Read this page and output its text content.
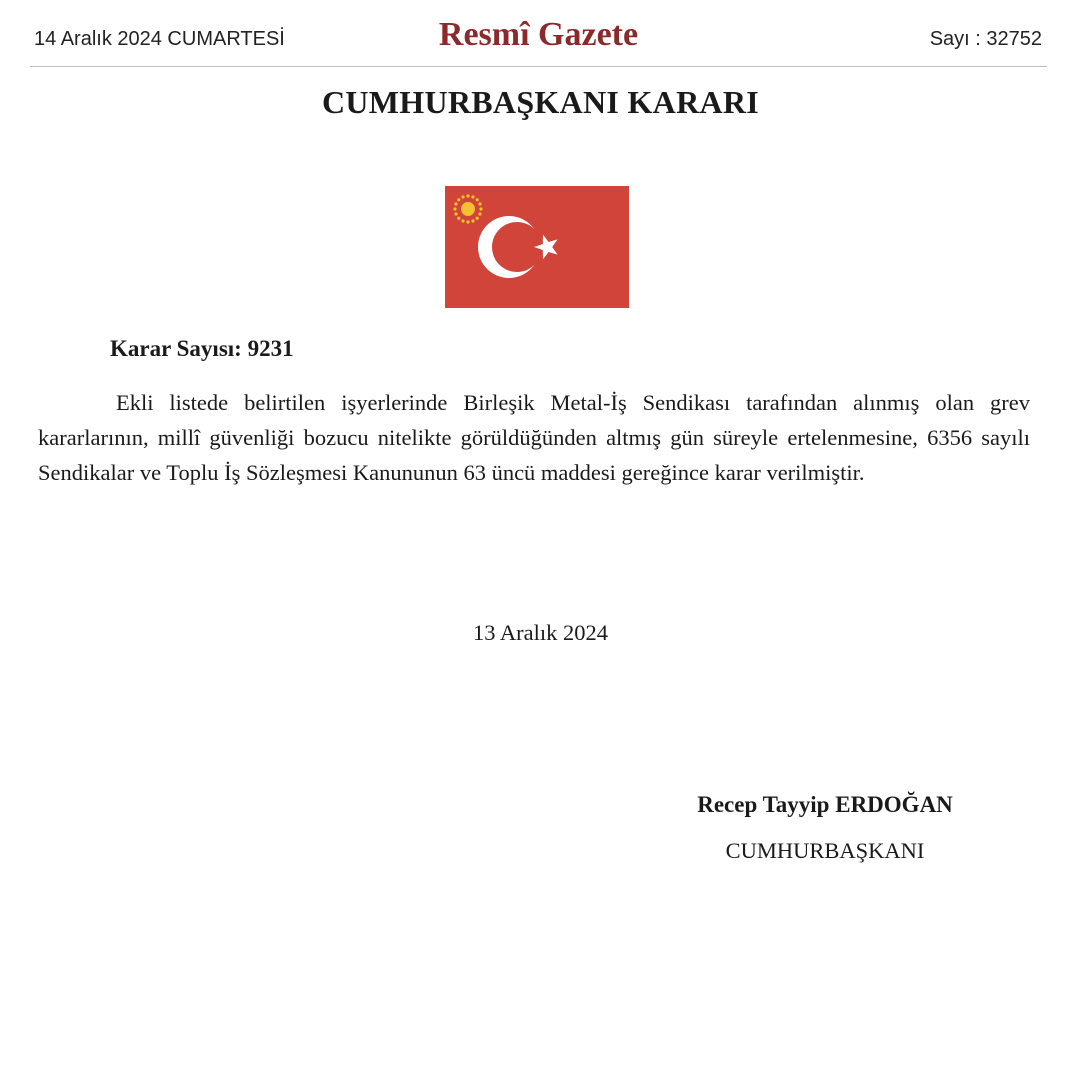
14 Aralık 2024 CUMARTESİ	Resmî Gazete	Sayı : 32752
CUMHURBAŞKANI KARARI
Karar Sayısı: 9231

Ekli listede belirtilen işyerlerinde Birleşik Metal-İş Sendikası tarafından alınmış olan grev kararlarının, millî güvenliği bozucu nitelikte görüldüğünden altmış gün süreyle ertelenmesine, 6356 sayılı Sendikalar ve Toplu İş Sözleşmesi Kanununun 63 üncü maddesi gereğince karar verilmiştir.

13 Aralık 2024
Recep Tayyip ERDOĞAN
CUMHURBAŞKANI
